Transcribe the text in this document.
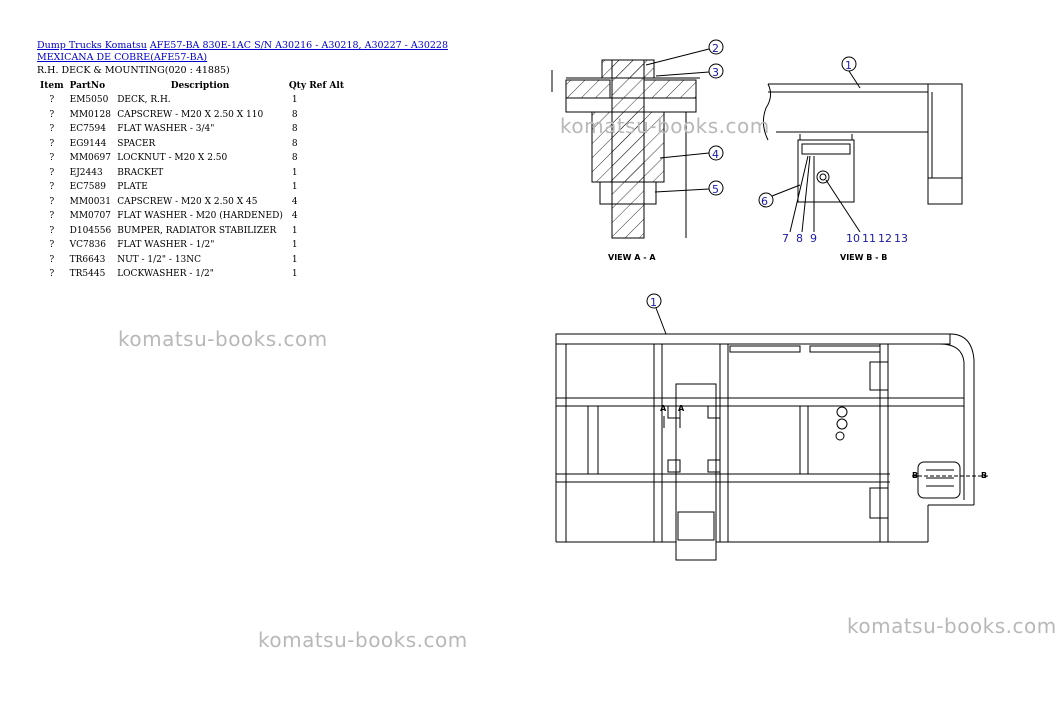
Dump Trucks Komatsu AFE57-BA 830E-1AC S/N A30216 - A30218, A30227 - A30228 MEXICANA DE COBRE(AFE57-BA)
R.H. DECK & MOUNTING(020 : 41885)
Item	PartNo	Description	Qty Ref Alt
?	EM5050	DECK, R.H.	1
?	MM0128	CAPSCREW - M20 X 2.50 X 110	8
?	EC7594	FLAT WASHER - 3/4"	8
?	EG9144	SPACER	8
?	MM0697	LOCKNUT - M20 X 2.50	8
?	EJ2443	BRACKET	1
?	EC7589	PLATE	1
?	MM0031	CAPSCREW - M20 X 2.50 X 45	4
?	MM0707	FLAT WASHER - M20 (HARDENED)	4
?	D104556	BUMPER, RADIATOR STABILIZER	1
?	VC7836	FLAT WASHER - 1/2"	1
?	TR6643	NUT - 1/2" - 13NC	1
?	TR5445	LOCKWASHER - 1/2"	1
2
3
4
5
VIEW A - A
1
6
7 8 9	10 11 12 13
VIEW B - B
1
A A
B	B
komatsu-books.com
komatsu-books.com
komatsu-books.com
komatsu-books.com
